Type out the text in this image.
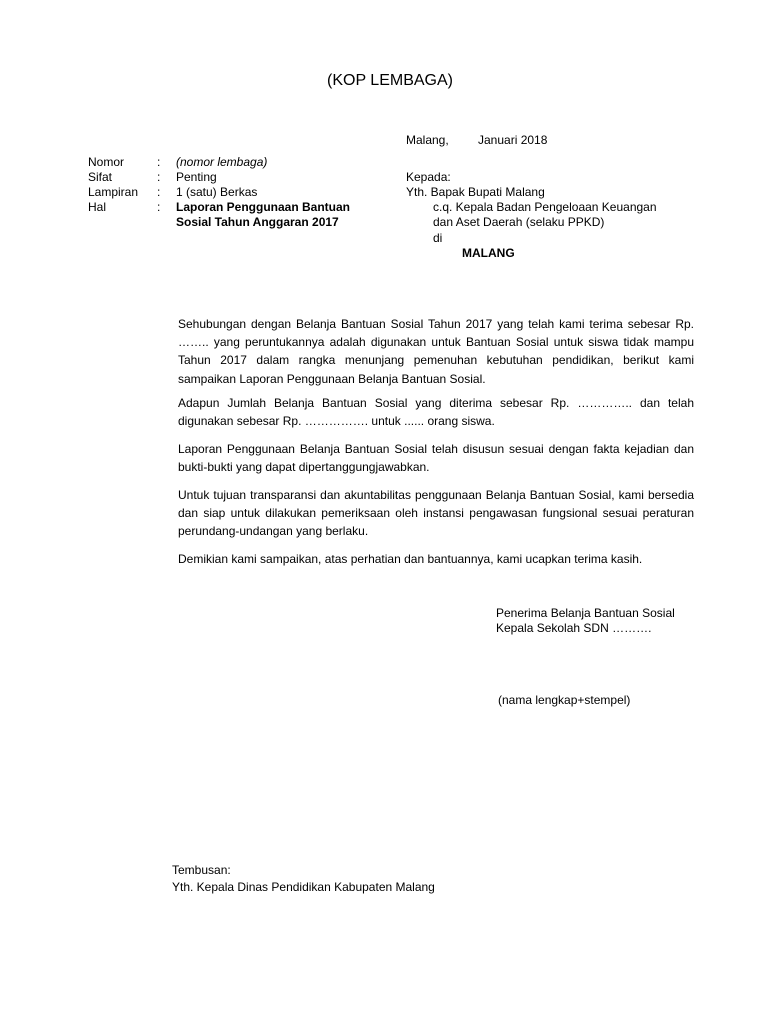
(KOP LEMBAGA)
Malang, Januari 2018
Nomor	: (nomor lembaga)
Sifat	: Penting
Lampiran : 1 (satu) Berkas
Hal	: Laporan Penggunaan Bantuan
Sosial Tahun Anggaran 2017
Kepada:
Yth. Bapak Bupati Malang
c.q. Kepala Badan Pengeloaan Keuangan
dan Aset Daerah (selaku PPKD)
di
MALANG

Sehubungan dengan Belanja Bantuan Sosial Tahun 2017 yang telah kami terima sebesar Rp. …….. yang peruntukannya adalah digunakan untuk Bantuan Sosial untuk siswa tidak mampu Tahun 2017 dalam rangka menunjang pemenuhan kebutuhan pendidikan, berikut kami sampaikan Laporan Penggunaan Belanja Bantuan Sosial.

Adapun Jumlah Belanja Bantuan Sosial yang diterima sebesar Rp. ………….. dan telah digunakan sebesar Rp. ……………. untuk ...... orang siswa.

Laporan Penggunaan Belanja Bantuan Sosial telah disusun sesuai dengan fakta kejadian dan bukti-bukti yang dapat dipertanggungjawabkan.

Untuk tujuan transparansi dan akuntabilitas penggunaan Belanja Bantuan Sosial, kami bersedia dan siap untuk dilakukan pemeriksaan oleh instansi pengawasan fungsional sesuai peraturan perundang-undangan yang berlaku.

Demikian kami sampaikan, atas perhatian dan bantuannya, kami ucapkan terima kasih.

Penerima Belanja Bantuan Sosial
Kepala Sekolah SDN ……….
(nama lengkap+stempel)
Tembusan:
Yth. Kepala Dinas Pendidikan Kabupaten Malang
